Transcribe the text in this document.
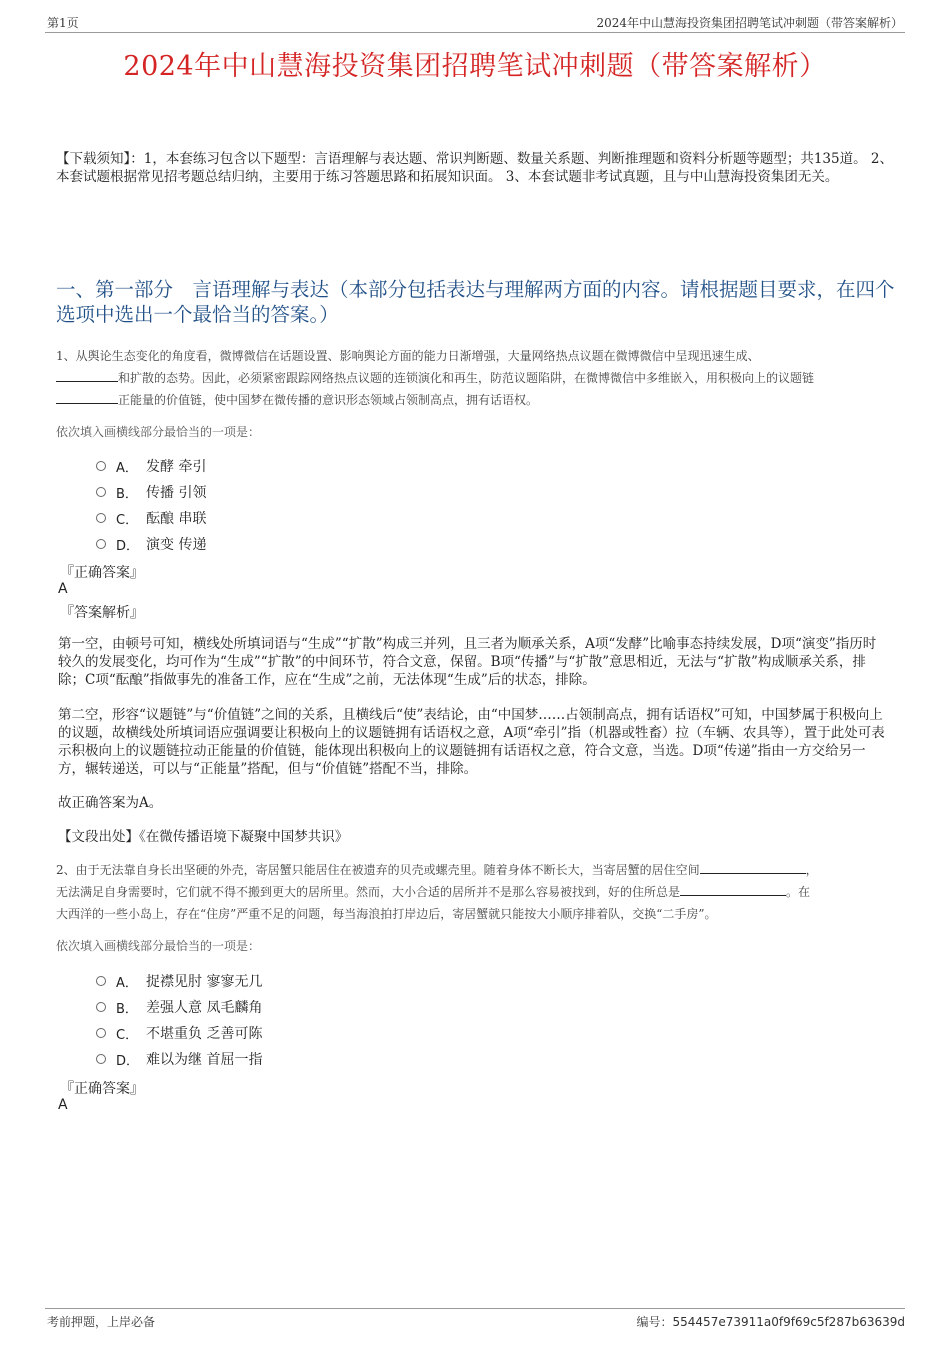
第1页	2024年中山慧海投资集团招聘笔试冲刺题（带答案解析）
2024年中山慧海投资集团招聘笔试冲刺题（带答案解析）
【下载须知】：1，本套练习包含以下题型：言语理解与表达题、常识判断题、数量关系题、判断推理题和资料分析题等题型；共135道。 2、本套试题根据常见招考题总结归纳，主要用于练习答题思路和拓展知识面。 3、本套试题非考试真题，且与中山慧海投资集团无关。
一、第一部分　言语理解与表达（本部分包括表达与理解两方面的内容。请根据题目要求，在四个选项中选出一个最恰当的答案。）
1、从舆论生态变化的角度看，微博微信在话题设置、影响舆论方面的能力日渐增强，大量网络热点议题在微博微信中呈现迅速生成、
和扩散的态势。因此，必须紧密跟踪网络热点议题的连锁演化和再生，防范议题陷阱，在微博微信中多维嵌入，用积极向上的议题链
正能量的价值链，使中国梦在微传播的意识形态领域占领制高点，拥有话语权。
依次填入画横线部分最恰当的一项是：
A． 发酵 牵引
B． 传播 引领
C． 酝酿 串联
D． 演变 传递
『正确答案』
A
『答案解析』
第一空，由顿号可知，横线处所填词语与“生成”“扩散”构成三并列，且三者为顺承关系，A项“发酵”比喻事态持续发展，D项“演变”指历时较久的发展变化，均可作为“生成”“扩散”的中间环节，符合文意，保留。B项“传播”与“扩散”意思相近，无法与“扩散”构成顺承关系，排除；C项“酝酿”指做事先的准备工作，应在“生成”之前，无法体现“生成”后的状态，排除。
第二空，形容“议题链”与“价值链”之间的关系，且横线后“使”表结论，由“中国梦……占领制高点，拥有话语权”可知，中国梦属于积极向上的议题，故横线处所填词语应强调要让积极向上的议题链拥有话语权之意，A项“牵引”指（机器或牲畜）拉（车辆、农具等），置于此处可表示积极向上的议题链拉动正能量的价值链，能体现出积极向上的议题链拥有话语权之意，符合文意，当选。D项“传递”指由一方交给另一方，辗转递送，可以与“正能量”搭配，但与“价值链”搭配不当，排除。
故正确答案为A。
【文段出处】《在微传播语境下凝聚中国梦共识》
2、由于无法靠自身长出坚硬的外壳，寄居蟹只能居住在被遗弃的贝壳或螺壳里。随着身体不断长大，当寄居蟹的居住空间	，
无法满足自身需要时，它们就不得不搬到更大的居所里。然而，大小合适的居所并不是那么容易被找到，好的住所总是	。在
大西洋的一些小岛上，存在“住房”严重不足的问题，每当海浪拍打岸边后，寄居蟹就只能按大小顺序排着队，交换“二手房”。
依次填入画横线部分最恰当的一项是：
A． 捉襟见肘 寥寥无几
B． 差强人意 凤毛麟角
C． 不堪重负 乏善可陈
D． 难以为继 首屈一指
『正确答案』
A
考前押题，上岸必备	编号：554457e73911a0f9f69c5f287b63639d
